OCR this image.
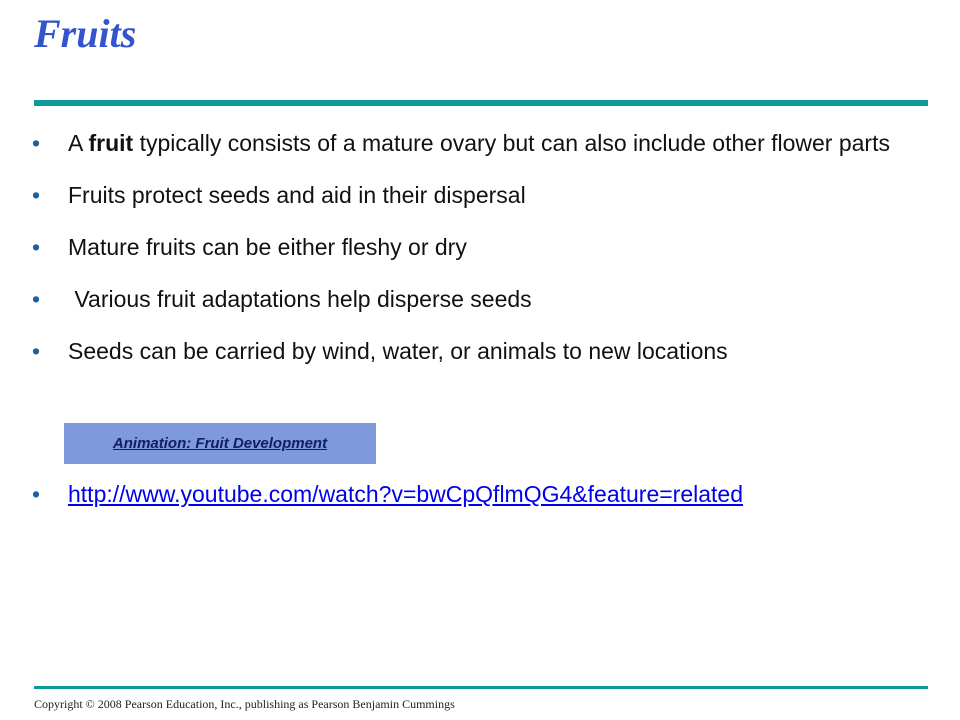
Fruits
• A fruit typically consists of a mature ovary but can also include other flower parts
• Fruits protect seeds and aid in their dispersal
• Mature fruits can be either fleshy or dry
• Various fruit adaptations help disperse seeds
• Seeds can be carried by wind, water, or animals to new locations
Animation: Fruit Development
• http://www.youtube.com/watch?v=bwCpQflmQG4&feature=related
Copyright © 2008 Pearson Education, Inc., publishing as Pearson Benjamin Cummings
